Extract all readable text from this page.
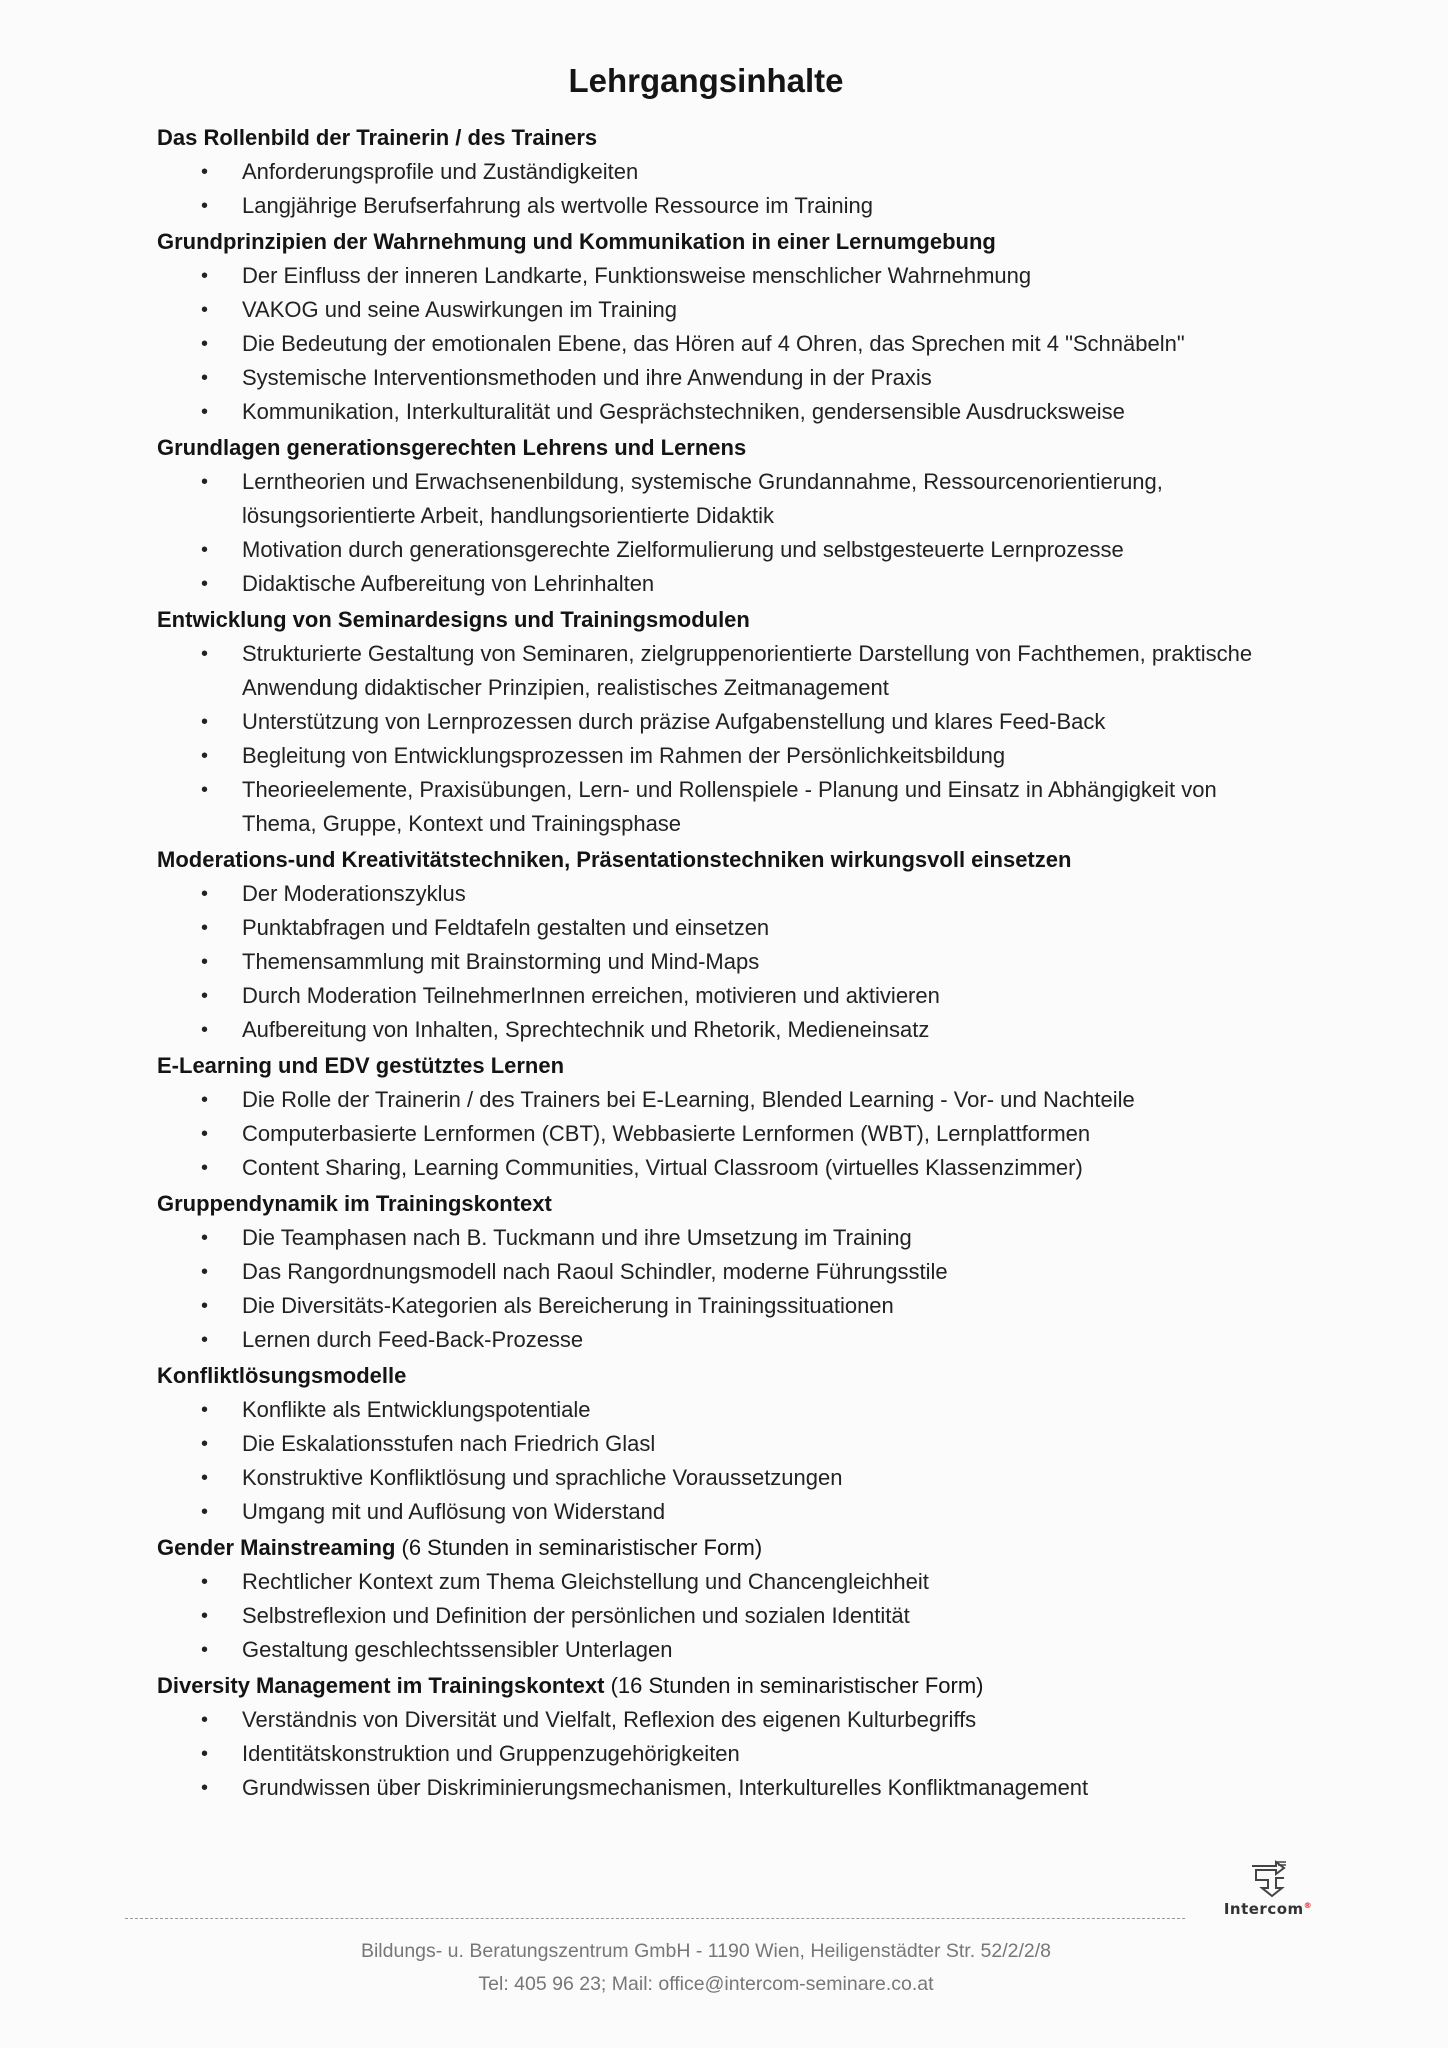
Lehrgangsinhalte
Das Rollenbild der Trainerin / des Trainers
• Anforderungsprofile und Zuständigkeiten
• Langjährige Berufserfahrung als wertvolle Ressource im Training
Grundprinzipien der Wahrnehmung und Kommunikation in einer Lernumgebung
• Der Einfluss der inneren Landkarte, Funktionsweise menschlicher Wahrnehmung
• VAKOG und seine Auswirkungen im Training
• Die Bedeutung der emotionalen Ebene, das Hören auf 4 Ohren, das Sprechen mit 4 "Schnäbeln"
• Systemische Interventionsmethoden und ihre Anwendung in der Praxis
• Kommunikation, Interkulturalität und Gesprächstechniken, gendersensible Ausdrucksweise
Grundlagen generationsgerechten Lehrens und Lernens
• Lerntheorien und Erwachsenenbildung, systemische Grundannahme, Ressourcenorientierung, lösungsorientierte Arbeit, handlungsorientierte Didaktik
• Motivation durch generationsgerechte Zielformulierung und selbstgesteuerte Lernprozesse
• Didaktische Aufbereitung von Lehrinhalten
Entwicklung von Seminardesigns und Trainingsmodulen
• Strukturierte Gestaltung von Seminaren, zielgruppenorientierte Darstellung von Fachthemen, praktische Anwendung didaktischer Prinzipien, realistisches Zeitmanagement
• Unterstützung von Lernprozessen durch präzise Aufgabenstellung und klares Feed-Back
• Begleitung von Entwicklungsprozessen im Rahmen der Persönlichkeitsbildung
• Theorieelemente, Praxisübungen, Lern- und Rollenspiele - Planung und Einsatz in Abhängigkeit von Thema, Gruppe, Kontext und Trainingsphase
Moderations-und Kreativitätstechniken, Präsentationstechniken wirkungsvoll einsetzen
• Der Moderationszyklus
• Punktabfragen und Feldtafeln gestalten und einsetzen
• Themensammlung mit Brainstorming und Mind-Maps
• Durch Moderation TeilnehmerInnen erreichen, motivieren und aktivieren
• Aufbereitung von Inhalten, Sprechtechnik und Rhetorik, Medieneinsatz
E-Learning und EDV gestütztes Lernen
• Die Rolle der Trainerin / des Trainers bei E-Learning, Blended Learning - Vor- und Nachteile
• Computerbasierte Lernformen (CBT), Webbasierte Lernformen (WBT), Lernplattformen
• Content Sharing, Learning Communities, Virtual Classroom (virtuelles Klassenzimmer)
Gruppendynamik im Trainingskontext
• Die Teamphasen nach B. Tuckmann und ihre Umsetzung im Training
• Das Rangordnungsmodell nach Raoul Schindler, moderne Führungsstile
• Die Diversitäts-Kategorien als Bereicherung in Trainingssituationen
• Lernen durch Feed-Back-Prozesse
Konfliktlösungsmodelle
• Konflikte als Entwicklungspotentiale
• Die Eskalationsstufen nach Friedrich Glasl
• Konstruktive Konfliktlösung und sprachliche Voraussetzungen
• Umgang mit und Auflösung von Widerstand
Gender Mainstreaming (6 Stunden in seminaristischer Form)
• Rechtlicher Kontext zum Thema Gleichstellung und Chancengleichheit
• Selbstreflexion und Definition der persönlichen und sozialen Identität
• Gestaltung geschlechtssensibler Unterlagen
Diversity Management im Trainingskontext (16 Stunden in seminaristischer Form)
• Verständnis von Diversität und Vielfalt, Reflexion des eigenen Kulturbegriffs
• Identitätskonstruktion und Gruppenzugehörigkeiten
• Grundwissen über Diskriminierungsmechanismen, Interkulturelles Konfliktmanagement
Intercom®
Bildungs- u. Beratungszentrum GmbH - 1190 Wien, Heiligenstädter Str. 52/2/2/8
Tel: 405 96 23; Mail: office@intercom-seminare.co.at
